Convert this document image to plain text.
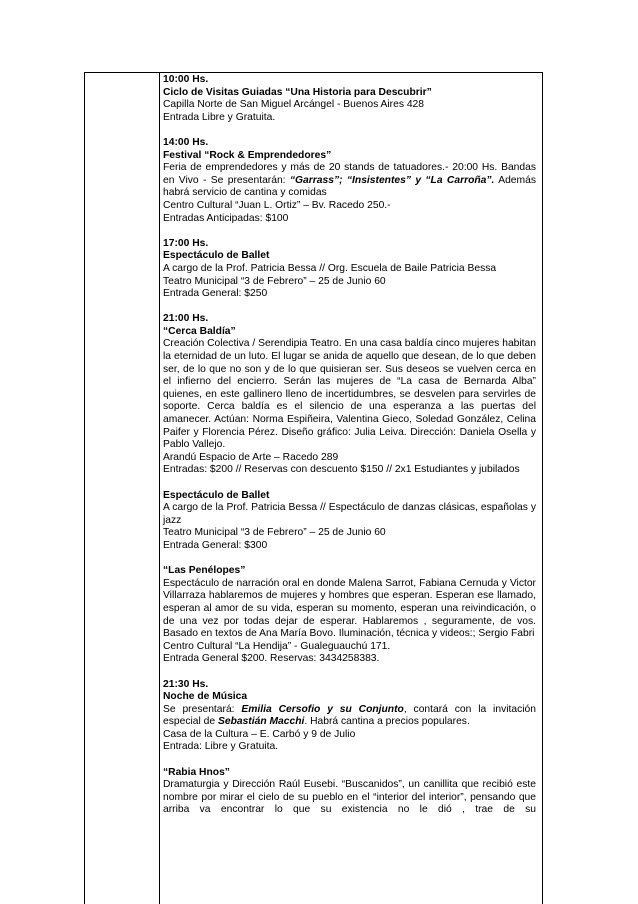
10:00 Hs.

Ciclo de Visitas Guiadas “Una Historia para Descubrir”

Capilla Norte de San Miguel Arcángel - Buenos Aires 428

Entrada Libre y Gratuita.

14:00 Hs.

Festival “Rock & Emprendedores”

Feria de emprendedores y más de 20 stands de tatuadores.- 20:00 Hs. Bandas en Vivo - Se presentarán: “Garrass”; “Insistentes” y “La Carroña”. Además habrá servicio de cantina y comidas

Centro Cultural “Juan L. Ortiz” – Bv. Racedo 250.-

Entradas Anticipadas: $100

17:00 Hs.

Espectáculo de Ballet

A cargo de la Prof. Patricia Bessa // Org. Escuela de Baile Patricia Bessa

Teatro Municipal “3 de Febrero” – 25 de Junio 60

Entrada General: $250

21:00 Hs.

“Cerca Baldía”

Creación Colectiva / Serendipia Teatro. En una casa baldía cinco mujeres habitan la eternidad de un luto. El lugar se anida de aquello que desean, de lo que deben ser, de lo que no son y de lo que quisieran ser. Sus deseos se vuelven cerca en el infierno del encierro. Serán las mujeres de “La casa de Bernarda Alba” quienes, en este gallinero lleno de incertidumbres, se desvelen para servirles de soporte. Cerca baldía es el silencio de una esperanza a las puertas del amanecer. Actúan: Norma Espiñeira, Valentina Gieco, Soledad González, Celina Paifer y Florencia Pérez. Diseño gráfico: Julia Leiva. Dirección: Daniela Osella y Pablo Vallejo.

Arandú Espacio de Arte – Racedo 289

Entradas: $200 // Reservas con descuento $150 // 2x1 Estudiantes y jubilados

Espectáculo de Ballet

A cargo de la Prof. Patricia Bessa // Espectáculo de danzas clásicas, españolas y jazz

Teatro Municipal “3 de Febrero” – 25 de Junio 60

Entrada General: $300

“Las Penélopes”

Espectáculo de narración oral en donde Malena Sarrot, Fabiana Cernuda y Victor Villarraza hablaremos de mujeres y hombres que esperan. Esperan ese llamado, esperan al amor de su vida, esperan su momento, esperan una reivindicación, o de una vez por todas dejar de esperar. Hablaremos , seguramente, de vos. Basado en textos de Ana María Bovo. Iluminación, técnica y videos:; Sergio Fabri

Centro Cultural “La Hendija” - Gualeguauchú 171.

Entrada General $200. Reservas: 3434258383.

21:30 Hs.

Noche de Música

Se presentará: Emilia Cersofio y su Conjunto, contará con la invitación especial de Sebastián Macchi. Habrá cantina a precios populares.

Casa de la Cultura – E. Carbó y 9 de Julio

Entrada: Libre y Gratuita.

“Rabia Hnos”

Dramaturgia y Dirección Raúl Eusebi. “Buscanidos”, un canillita que recibió este nombre por mirar el cielo de su pueblo en el “interior del interior”, pensando que arriba va encontrar lo que su existencia no le dió , trae de su
